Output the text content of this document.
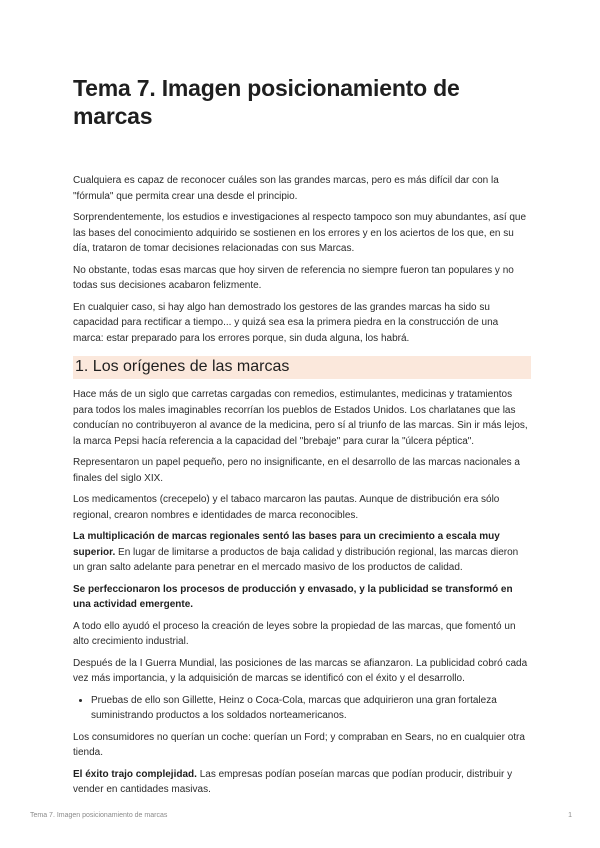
Tema 7. Imagen posicionamiento de marcas

Cualquiera es capaz de reconocer cuáles son las grandes marcas, pero es más difícil dar con la "fórmula" que permita crear una desde el principio.

Sorprendentemente, los estudios e investigaciones al respecto tampoco son muy abundantes, así que las bases del conocimiento adquirido se sostienen en los errores y en los aciertos de los que, en su día, trataron de tomar decisiones relacionadas con sus Marcas.

No obstante, todas esas marcas que hoy sirven de referencia no siempre fueron tan populares y no todas sus decisiones acabaron felizmente.

En cualquier caso, si hay algo han demostrado los gestores de las grandes marcas ha sido su capacidad para rectificar a tiempo... y quizá sea esa la primera piedra en la construcción de una marca: estar preparado para los errores porque, sin duda alguna, los habrá.

1. Los orígenes de las marcas

Hace más de un siglo que carretas cargadas con remedios, estimulantes, medicinas y tratamientos para todos los males imaginables recorrían los pueblos de Estados Unidos. Los charlatanes que las conducían no contribuyeron al avance de la medicina, pero sí al triunfo de las marcas. Sin ir más lejos, la marca Pepsi hacía referencia a la capacidad del "brebaje" para curar la "úlcera péptica".

Representaron un papel pequeño, pero no insignificante, en el desarrollo de las marcas nacionales a finales del siglo XIX.

Los medicamentos (crecepelo) y el tabaco marcaron las pautas. Aunque de distribución era sólo regional, crearon nombres e identidades de marca reconocibles.

La multiplicación de marcas regionales sentó las bases para un crecimiento a escala muy superior. En lugar de limitarse a productos de baja calidad y distribución regional, las marcas dieron un gran salto adelante para penetrar en el mercado masivo de los productos de calidad.

Se perfeccionaron los procesos de producción y envasado, y la publicidad se transformó en una actividad emergente.

A todo ello ayudó el proceso la creación de leyes sobre la propiedad de las marcas, que fomentó un alto crecimiento industrial.

Después de la I Guerra Mundial, las posiciones de las marcas se afianzaron. La publicidad cobró cada vez más importancia, y la adquisición de marcas se identificó con el éxito y el desarrollo.

• Pruebas de ello son Gillette, Heinz o Coca-Cola, marcas que adquirieron una gran fortaleza suministrando productos a los soldados norteamericanos.

Los consumidores no querían un coche: querían un Ford; y compraban en Sears, no en cualquier otra tienda.

El éxito trajo complejidad. Las empresas podían poseían marcas que podían producir, distribuir y vender en cantidades masivas.

Tema 7. Imagen posicionamiento de marcas	1
